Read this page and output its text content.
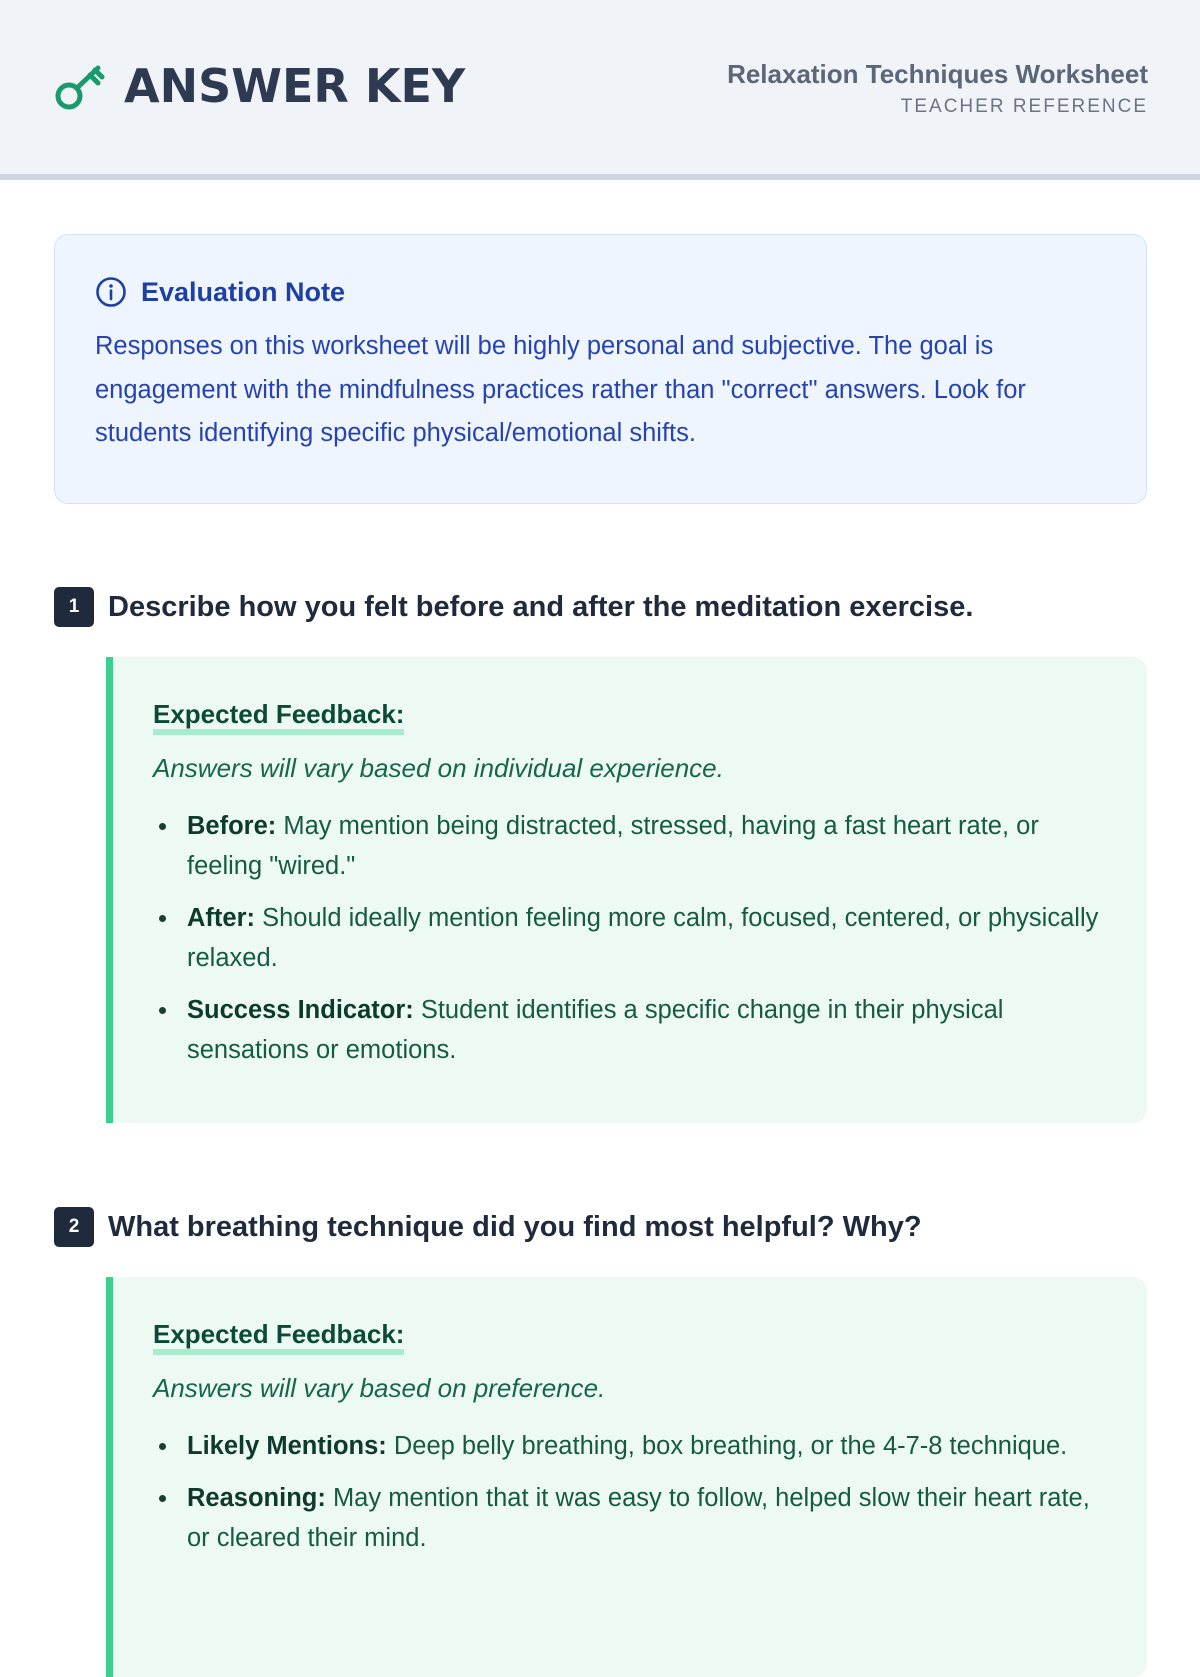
ANSWER KEY	Relaxation Techniques Worksheet
TEACHER REFERENCE
Evaluation Note

Responses on this worksheet will be highly personal and subjective. The goal is engagement with the mindfulness practices rather than "correct" answers. Look for students identifying specific physical/emotional shifts.

1 Describe how you felt before and after the meditation exercise.
Expected Feedback:
Answers will vary based on individual experience.
Before: May mention being distracted, stressed, having a fast heart rate, or feeling "wired."
After: Should ideally mention feeling more calm, focused, centered, or physically relaxed.
Success Indicator: Student identifies a specific change in their physical sensations or emotions.
2 What breathing technique did you find most helpful? Why?
Expected Feedback:
Answers will vary based on preference.
Likely Mentions: Deep belly breathing, box breathing, or the 4-7-8 technique.
Reasoning: May mention that it was easy to follow, helped slow their heart rate, or cleared their mind.
